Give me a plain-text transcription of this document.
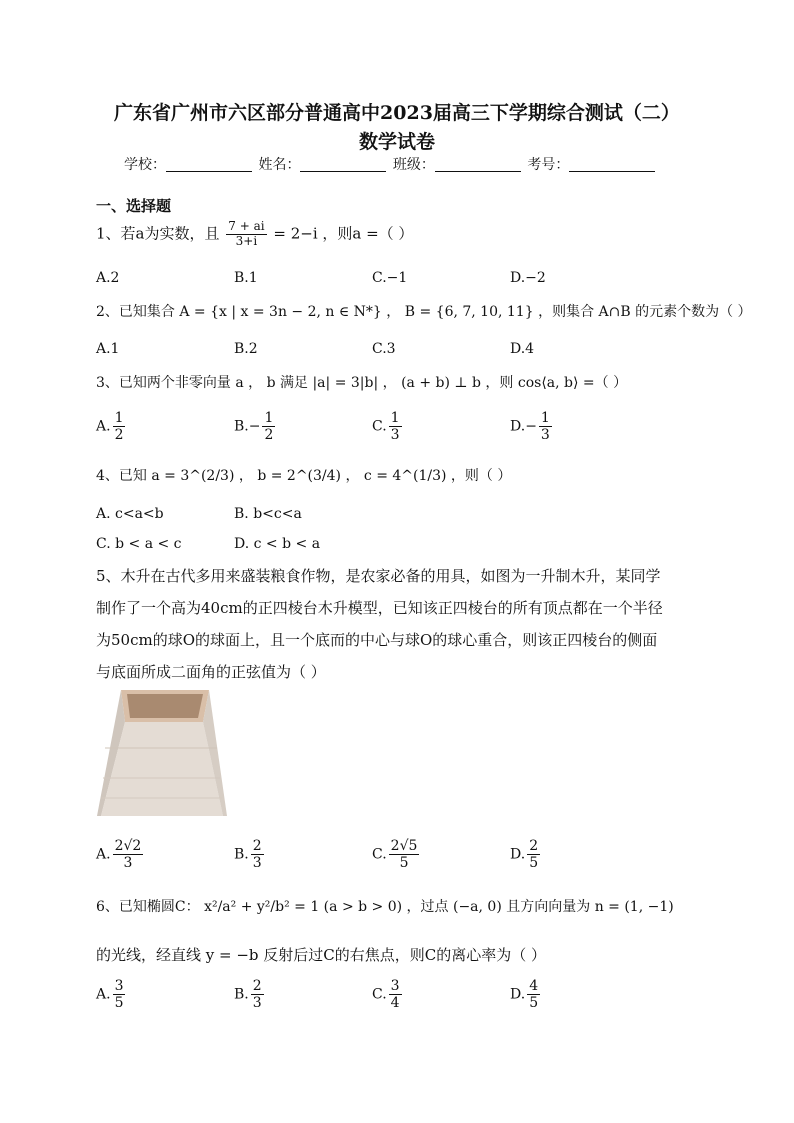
广东省广州市六区部分普通高中2023届高三下学期综合测试（二）
数学试卷
学校：	姓名：	班级：	考号：
一、选择题
1、若a为实数，且 $\frac{7 + ai}{3+i} = 2-i$ ，则a =（ ）
A.2	B.1	C.−1	D.−2
2、已知集合 A = {x | x = 3n − 2, n ∈ N*} ， B = {6, 7, 10, 11} ，则集合 A∩B 的元素个数为（ ）
A.1	B.2	C.3	D.4
3、已知两个非零向量 a ， b 满足 |a| = 3|b| ， (a + b) ⊥ b ，则 cos⟨a, b⟩ =（ ）
A. $\frac{1}{2}$	$B.- \frac{1}{2}$	C. $\frac{1}{3}$	$D.- \frac{1}{3}$
4、已知 a = 3^(2/3) ， b = 2^(3/4) ， c = 4^(1/3) ，则（ ）
A. c<a<b	B. b<c<a
C. b < a < c	D. c < b < a
5、木升在古代多用来盛装粮食作物，是农家必备的用具，如图为一升制木升，某同学
制作了一个高为40cm的正四棱台木升模型，已知该正四棱台的所有顶点都在一个半径
为50cm的球O的球面上，且一个底而的中心与球O的球心重合，则该正四棱台的侧面
与底面所成二面角的正弦值为（ ）
A. $\frac{2√2}{3}$	B. $\frac{2}{3}$	C. $\frac{2√5}{5}$	D. $\frac{2}{5}$
6、已知椭圆C： x²/a² + y²/b² = 1 (a > b > 0) ，过点 (−a, 0) 且方向向量为 n = (1, −1)
的光线，经直线 y = −b 反射后过C的右焦点，则C的离心率为（ ）
A. $\frac{3}{5}$	B. $\frac{2}{3}$	C. $\frac{3}{4}$	D. $\frac{4}{5}$
